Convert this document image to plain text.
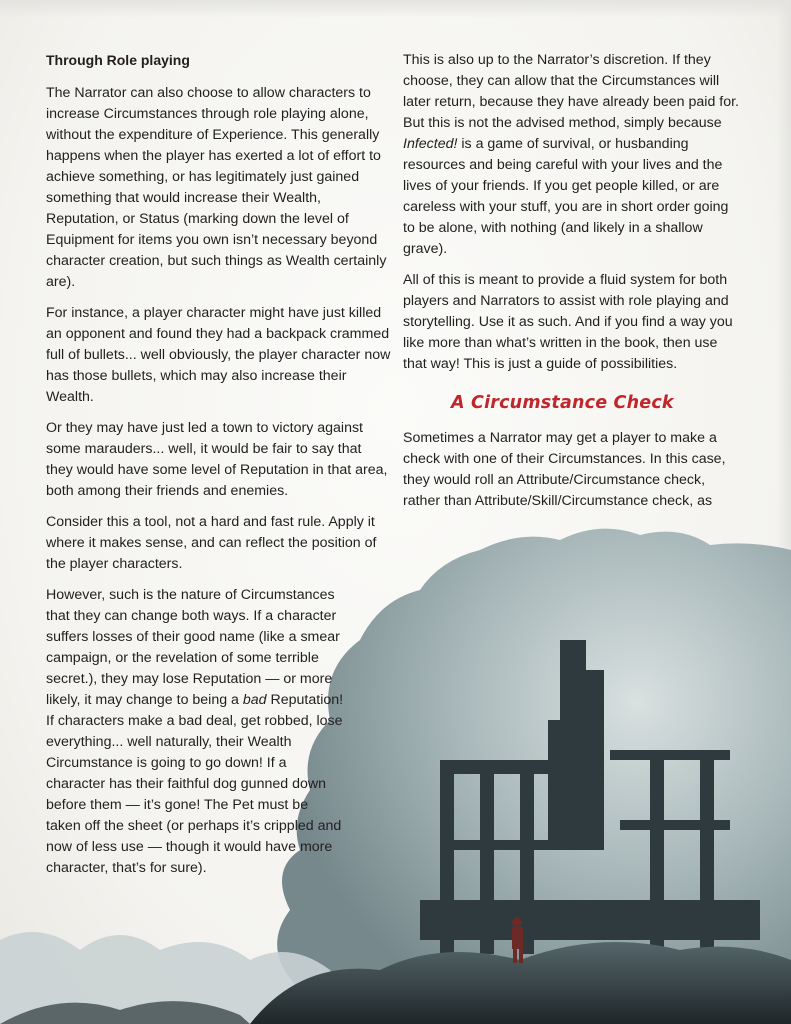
Through Role playing

The Narrator can also choose to allow characters to increase Circumstances through role playing alone, without the expenditure of Experience. This generally happens when the player has exerted a lot of effort to achieve something, or has legitimately just gained something that would increase their Wealth, Reputation, or Status (marking down the level of Equipment for items you own isn’t necessary beyond character creation, but such things as Wealth certainly are).

For instance, a player character might have just killed an opponent and found they had a backpack crammed full of bullets... well obviously, the player character now has those bullets, which may also increase their Wealth.

Or they may have just led a town to victory against some marauders... well, it would be fair to say that they would have some level of Reputation in that area, both among their friends and enemies.

Consider this a tool, not a hard and fast rule. Apply it where it makes sense, and can reflect the position of the player characters.

However, such is the nature of Circumstances that they can change both ways. If a character suffers losses of their good name (like a smear campaign, or the revelation of some terrible secret.), they may lose Reputation — or more likely, it may change to being a bad Reputation! If characters make a bad deal, get robbed, lose everything... well naturally, their Wealth Circumstance is going to go down! If a character has their faithful dog gunned down before them — it’s gone! The Pet must be taken off the sheet (or perhaps it’s crippled and now of less use — though it would have more character, that’s for sure).

This is also up to the Narrator’s discretion. If they choose, they can allow that the Circumstances will later return, because they have already been paid for. But this is not the advised method, simply because Infected! is a game of survival, or husbanding resources and being careful with your lives and the lives of your friends. If you get people killed, or are careless with your stuff, you are in short order going to be alone, with nothing (and likely in a shallow grave).

All of this is meant to provide a fluid system for both players and Narrators to assist with role playing and storytelling. Use it as such. And if you find a way you like more than what’s written in the book, then use that way! This is just a guide of possibilities.

A Circumstance Check

Sometimes a Narrator may get a player to make a check with one of their Circumstances. In this case, they would roll an Attribute/Circumstance check, rather than Attribute/Skill/Circumstance check, as
